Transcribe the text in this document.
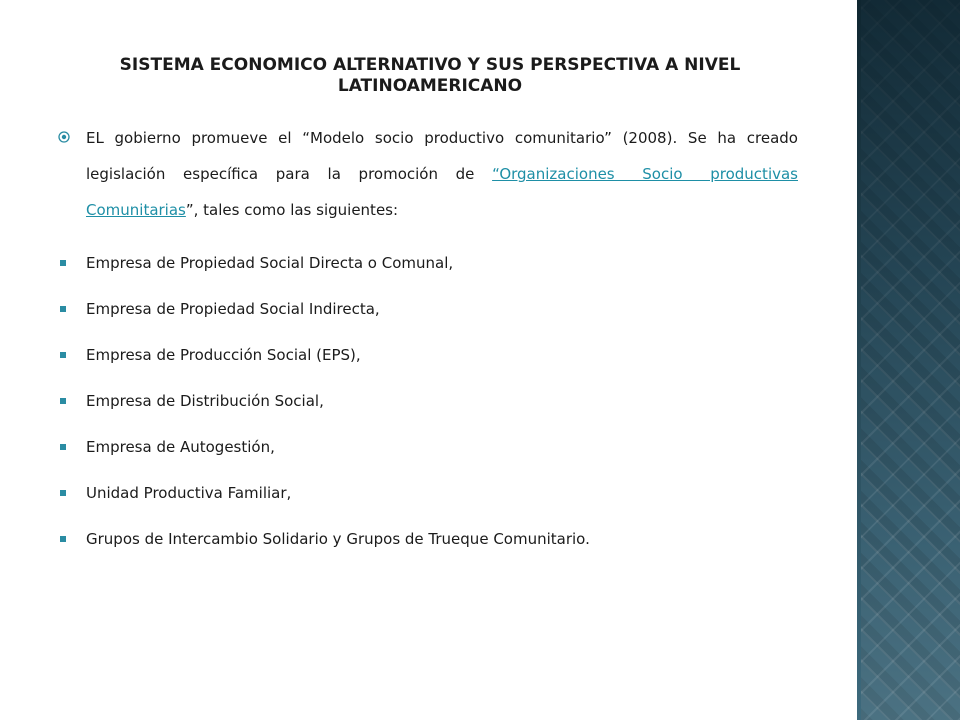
SISTEMA ECONOMICO ALTERNATIVO Y SUS PERSPECTIVA A NIVEL LATINOAMERICANO
EL gobierno promueve el “Modelo socio productivo comunitario” (2008). Se ha creado legislación específica para la promoción de “Organizaciones Socio productivas Comunitarias”, tales como las siguientes:
Empresa de Propiedad Social Directa o Comunal,
Empresa de Propiedad Social Indirecta,
Empresa de Producción Social (EPS),
Empresa de Distribución Social,
Empresa de Autogestión,
Unidad Productiva Familiar,
Grupos de Intercambio Solidario y Grupos de Trueque Comunitario.
